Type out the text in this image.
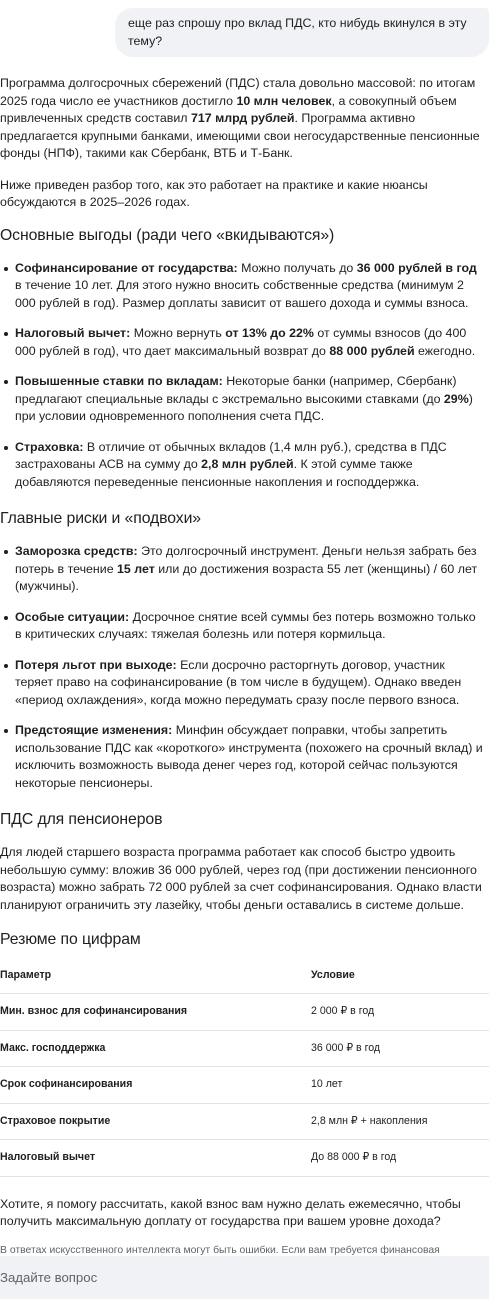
еще раз спрошу про вклад ПДС, кто нибудь вкинулся в эту тему?

Программа долгосрочных сбережений (ПДС) стала довольно массовой: по итогам 2025 года число ее участников достигло 10 млн человек, а совокупный объем привлеченных средств составил 717 млрд рублей. Программа активно предлагается крупными банками, имеющими свои негосударственные пенсионные фонды (НПФ), такими как Сбербанк, ВТБ и Т-Банк.

Ниже приведен разбор того, как это работает на практике и какие нюансы обсуждаются в 2025–2026 годах.

Основные выгоды (ради чего «вкидываются»)
Софинансирование от государства: Можно получать до 36 000 рублей в год в течение 10 лет. Для этого нужно вносить собственные средства (минимум 2 000 рублей в год). Размер доплаты зависит от вашего дохода и суммы взноса.
Налоговый вычет: Можно вернуть от 13% до 22% от суммы взносов (до 400 000 рублей в год), что дает максимальный возврат до 88 000 рублей ежегодно.
Повышенные ставки по вкладам: Некоторые банки (например, Сбербанк) предлагают специальные вклады с экстремально высокими ставками (до 29%) при условии одновременного пополнения счета ПДС.
Страховка: В отличие от обычных вкладов (1,4 млн руб.), средства в ПДС застрахованы АСВ на сумму до 2,8 млн рублей. К этой сумме также добавляются переведенные пенсионные накопления и господдержка.
Главные риски и «подвохи»
Заморозка средств: Это долгосрочный инструмент. Деньги нельзя забрать без потерь в течение 15 лет или до достижения возраста 55 лет (женщины) / 60 лет (мужчины).
Особые ситуации: Досрочное снятие всей суммы без потерь возможно только в критических случаях: тяжелая болезнь или потеря кормильца.
Потеря льгот при выходе: Если досрочно расторгнуть договор, участник теряет право на софинансирование (в том числе в будущем). Однако введен «период охлаждения», когда можно передумать сразу после первого взноса.
Предстоящие изменения: Минфин обсуждает поправки, чтобы запретить использование ПДС как «короткого» инструмента (похожего на срочный вклад) и исключить возможность вывода денег через год, которой сейчас пользуются некоторые пенсионеры.
ПДС для пенсионеров

Для людей старшего возраста программа работает как способ быстро удвоить небольшую сумму: вложив 36 000 рублей, через год (при достижении пенсионного возраста) можно забрать 72 000 рублей за счет софинансирования. Однако власти планируют ограничить эту лазейку, чтобы деньги оставались в системе дольше.

Резюме по цифрам
Параметр	Условие
Мин. взнос для софинансирования	2 000 ₽ в год
Макс. господдержка	36 000 ₽ в год
Срок софинансирования	10 лет
Страховое покрытие	2,8 млн ₽ + накопления
Налоговый вычет	До 88 000 ₽ в год

Хотите, я помогу рассчитать, какой взнос вам нужно делать ежемесячно, чтобы получить максимальную доплату от государства при вашем уровне дохода?

В ответах искусственного интеллекта могут быть ошибки. Если вам требуется финансовая

Задайте вопрос
